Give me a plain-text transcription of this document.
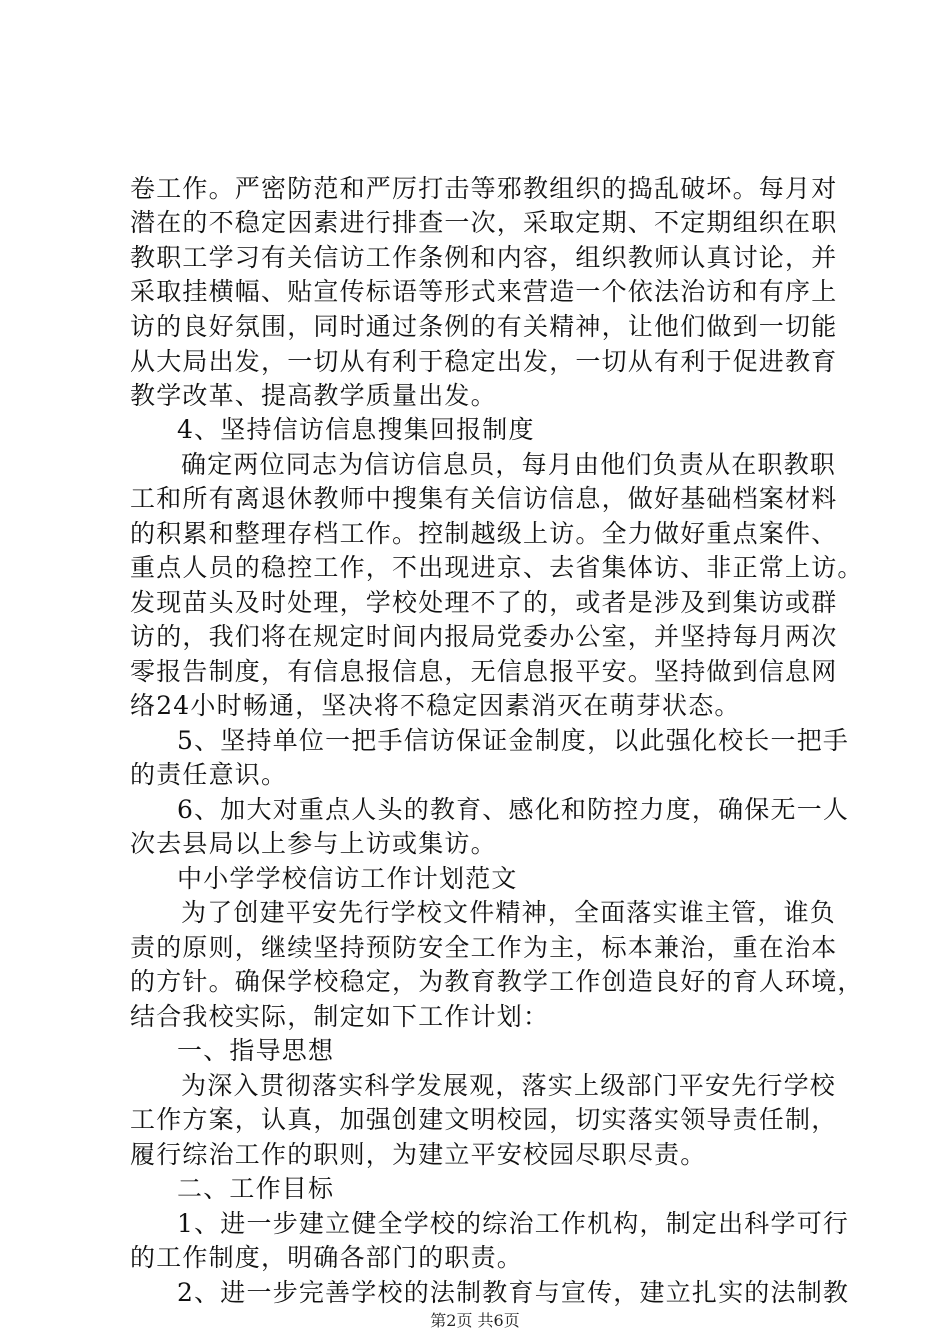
卷工作。严密防范和严厉打击等邪教组织的捣乱破坏。每月对
潜在的不稳定因素进行排查一次，采取定期、不定期组织在职
教职工学习有关信访工作条例和内容，组织教师认真讨论，并
采取挂横幅、贴宣传标语等形式来营造一个依法治访和有序上
访的良好氛围，同时通过条例的有关精神，让他们做到一切能
从大局出发，一切从有利于稳定出发，一切从有利于促进教育
教学改革、提高教学质量出发。
4、坚持信访信息搜集回报制度
确定两位同志为信访信息员，每月由他们负责从在职教职
工和所有离退休教师中搜集有关信访信息，做好基础档案材料
的积累和整理存档工作。控制越级上访。全力做好重点案件、
重点人员的稳控工作，不出现进京、去省集体访、非正常上访。
发现苗头及时处理，学校处理不了的，或者是涉及到集访或群
访的，我们将在规定时间内报局党委办公室，并坚持每月两次
零报告制度，有信息报信息，无信息报平安。坚持做到信息网
络24小时畅通，坚决将不稳定因素消灭在萌芽状态。
5、坚持单位一把手信访保证金制度，以此强化校长一把手
的责任意识。
6、加大对重点人头的教育、感化和防控力度，确保无一人
次去县局以上参与上访或集访。
中小学学校信访工作计划范文
为了创建平安先行学校文件精神，全面落实谁主管，谁负
责的原则，继续坚持预防安全工作为主，标本兼治，重在治本
的方针。确保学校稳定，为教育教学工作创造良好的育人环境，
结合我校实际，制定如下工作计划：
一、指导思想
为深入贯彻落实科学发展观，落实上级部门平安先行学校
工作方案，认真，加强创建文明校园，切实落实领导责任制，
履行综治工作的职则，为建立平安校园尽职尽责。
二、工作目标
1、进一步建立健全学校的综治工作机构，制定出科学可行
的工作制度，明确各部门的职责。
2、进一步完善学校的法制教育与宣传，建立扎实的法制教
第2页 共6页
